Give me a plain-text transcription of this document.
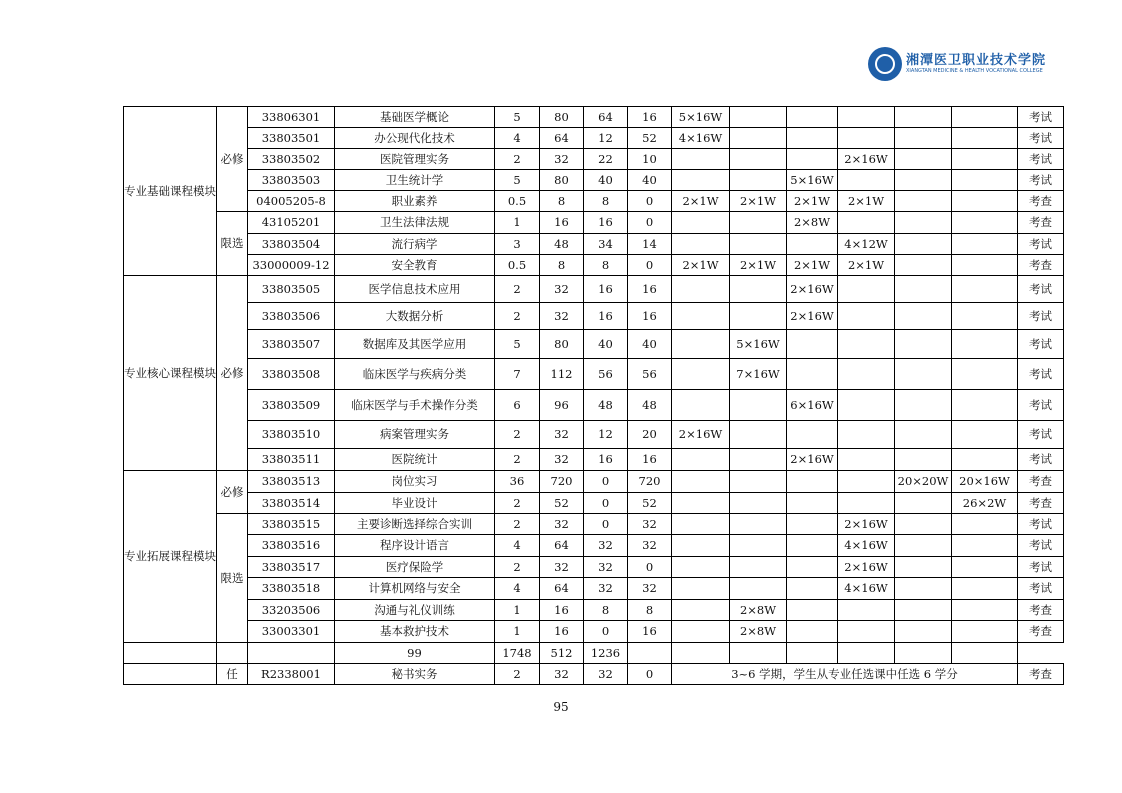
湘潭医卫职业技术学院
XIANGTAN MEDICINE & HEALTH VOCATIONAL COLLEGE
专业基础课程模块	必修	33806301	基础医学概论	5	80	64	16	5×16W						考试
		33803501	办公现代化技术	4	64	12	52	4×16W						考试
		33803502	医院管理实务	2	32	22	10				2×16W			考试
		33803503	卫生统计学	5	80	40	40			5×16W				考试
		04005205-8	职业素养	0.5	8	8	0	2×1W	2×1W	2×1W	2×1W			考查
	限选	43105201	卫生法律法规	1	16	16	0			2×8W				考查
		33803504	流行病学	3	48	34	14				4×12W			考试
		33000009-12	安全教育	0.5	8	8	0	2×1W	2×1W	2×1W	2×1W			考查
专业核心课程模块	必修	33803505	医学信息技术应用	2	32	16	16			2×16W				考试
		33803506	大数据分析	2	32	16	16			2×16W				考试
		33803507	数据库及其医学应用	5	80	40	40		5×16W					考试
		33803508	临床医学与疾病分类	7	112	56	56		7×16W					考试
		33803509	临床医学与手术操作分类	6	96	48	48			6×16W				考试
		33803510	病案管理实务	2	32	12	20	2×16W						考试
		33803511	医院统计	2	32	16	16			2×16W				考试
专业拓展课程模块	必修	33803513	岗位实习	36	720	0	720					20×20W	20×16W	考查
		33803514	毕业设计	2	52	0	52						26×2W	考查
	限选	33803515	主要诊断选择综合实训	2	32	0	32				2×16W			考试
		33803516	程序设计语言	4	64	32	32				4×16W			考试
		33803517	医疗保险学	2	32	32	0				2×16W			考试
		33803518	计算机网络与安全	4	64	32	32				4×16W			考试
		33203506	沟通与礼仪训练	1	16	8	8		2×8W					考查
		33003301	基本救护技术	1	16	0	16		2×8W					考查
			99	1748	512	1236								
	任	R2338001	秘书实务	2	32	32	0	3~6 学期，学生从专业任选课中任选 6 学分						考查
95
